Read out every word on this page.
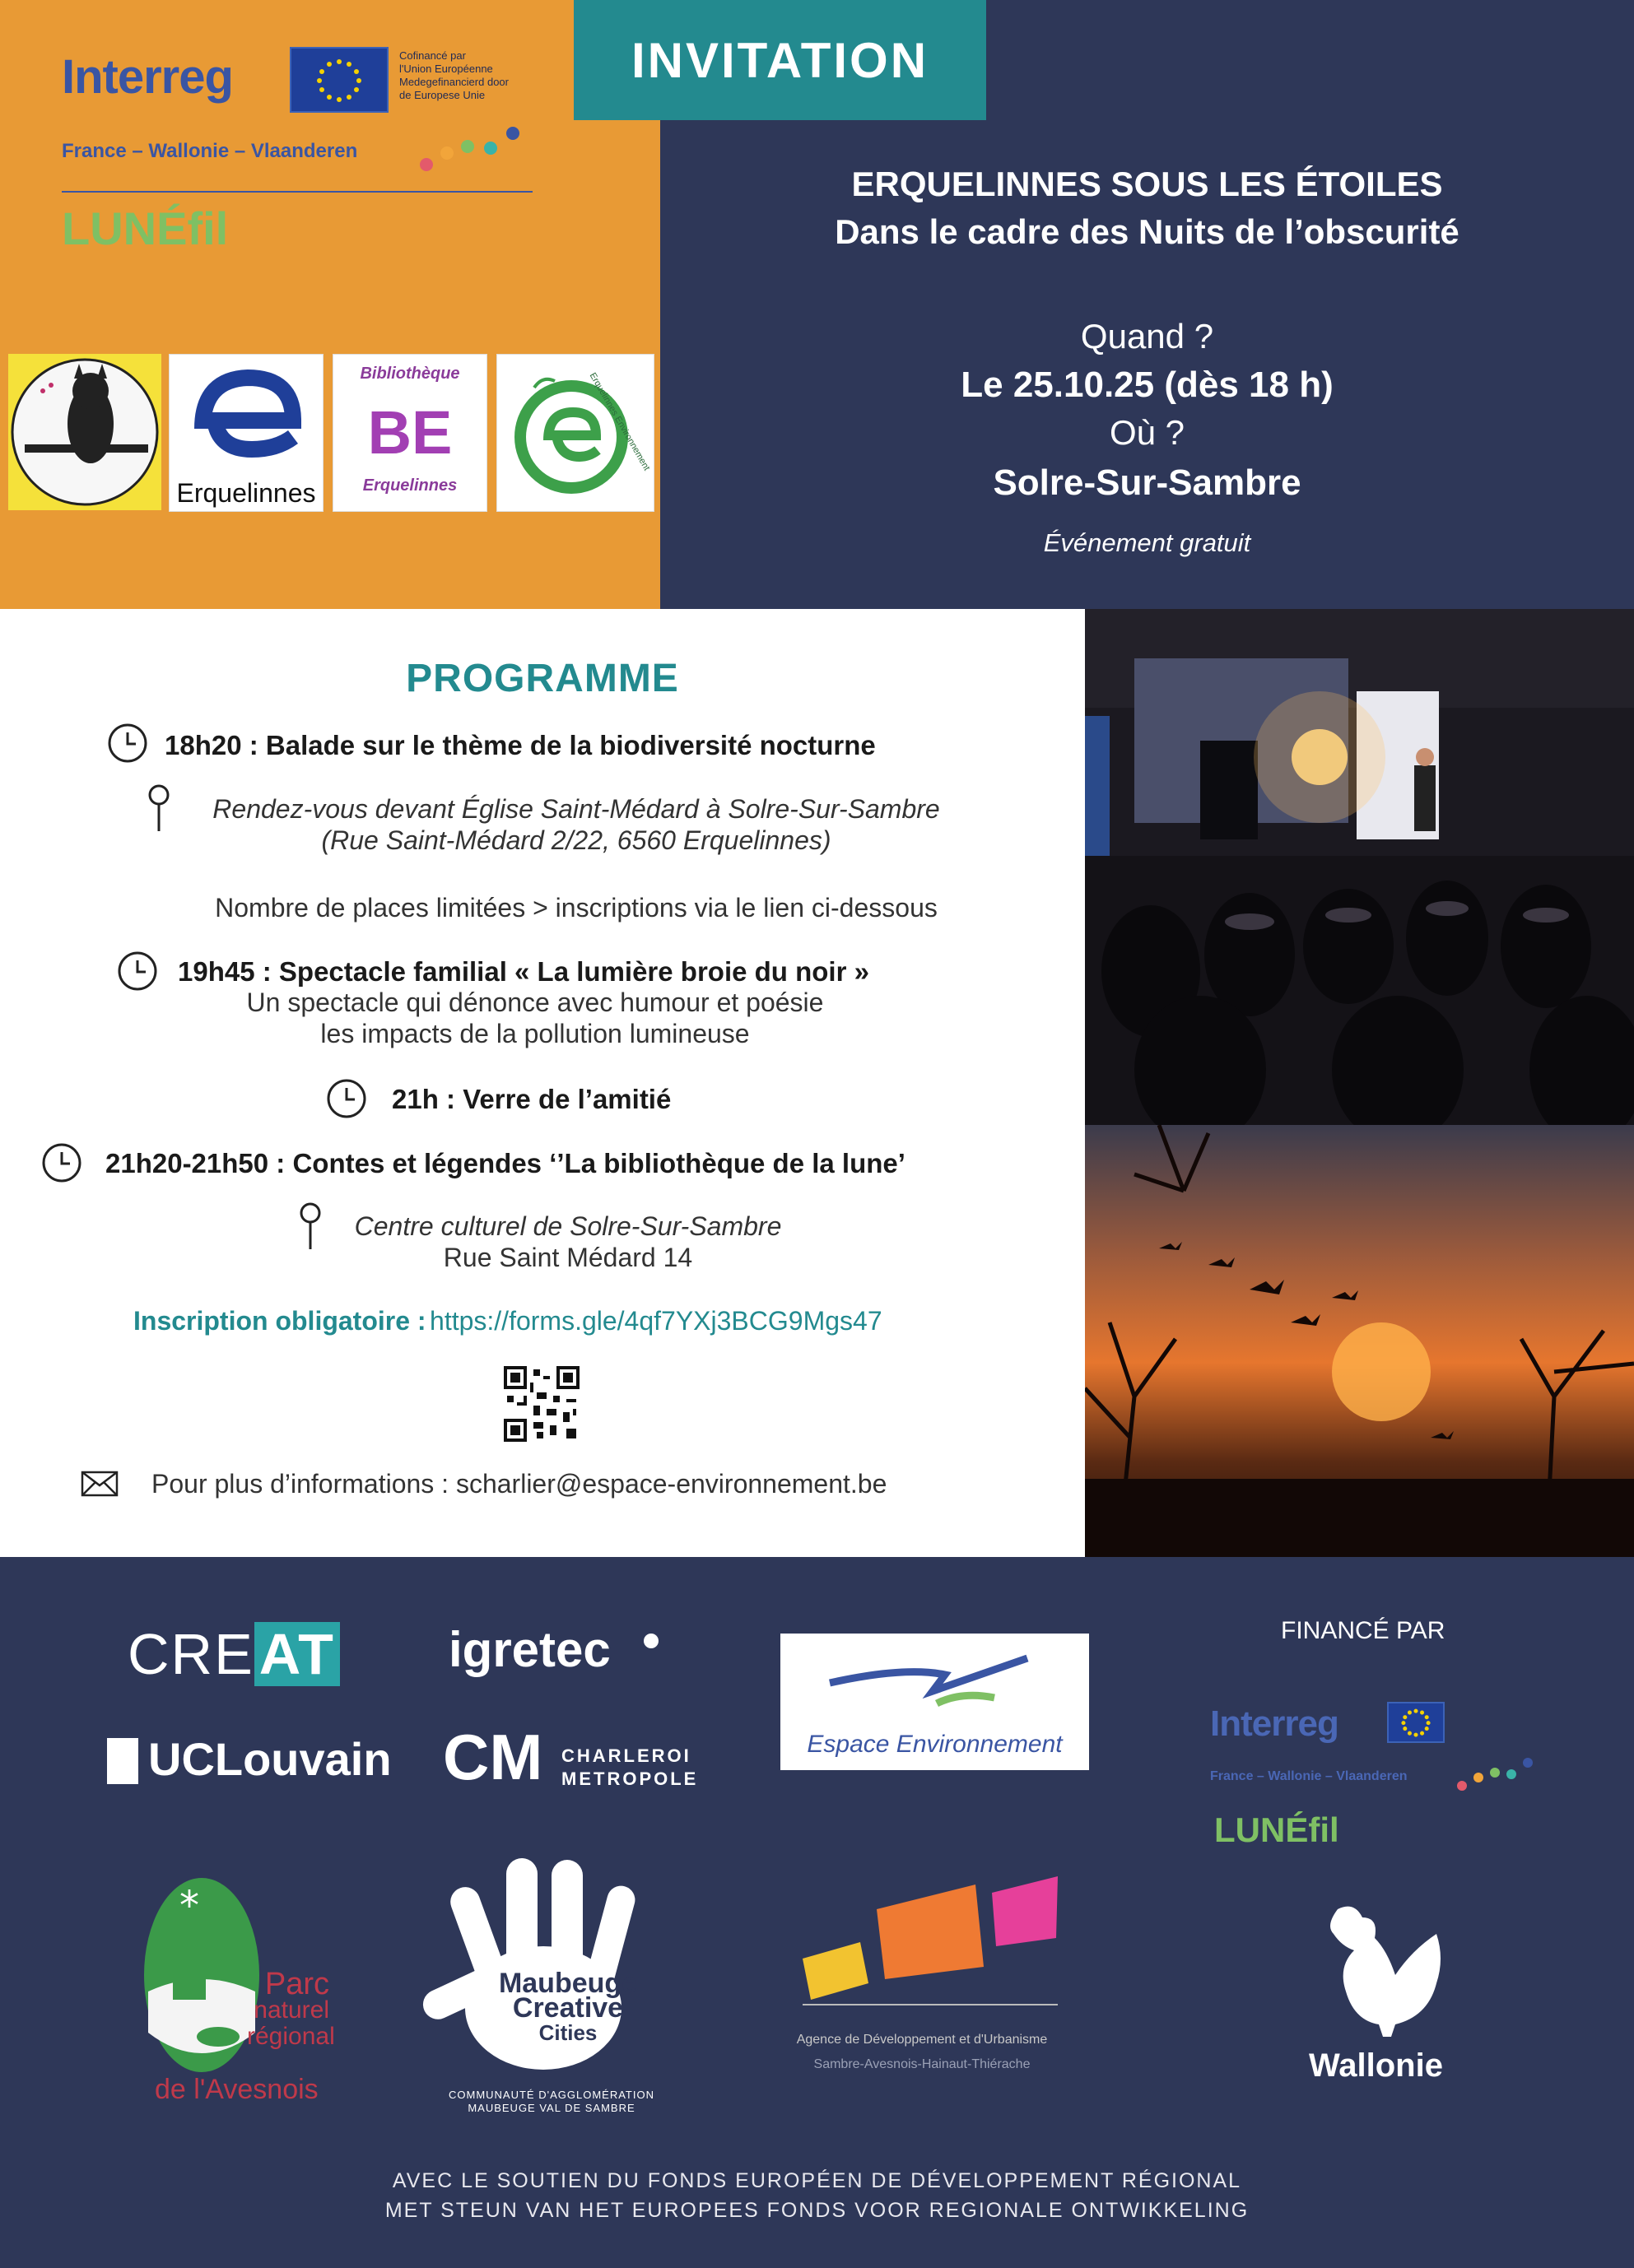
INVITATION
Interreg	Cofinancé par
l'Union Européenne
Medegefinancierd door
de Europese Unie
France – Wallonie – Vlaanderen
LUNÉfil
Erquelinnes
Bibliothèque
BE
Erquelinnes
Erquelinnes Environnement
ERQUELINNES SOUS LES ÉTOILES
Dans le cadre des Nuits de l’obscurité
Quand ?
Le 25.10.25 (dès 18 h)
Où ?
Solre-Sur-Sambre
Événement gratuit
PROGRAMME
18h20 : Balade sur le thème de la biodiversité nocturne
Rendez-vous devant Église Saint-Médard à Solre-Sur-Sambre
(Rue Saint-Médard 2/22, 6560 Erquelinnes)
Nombre de places limitées > inscriptions via le lien ci-dessous
19h45 : Spectacle familial « La lumière broie du noir »
Un spectacle qui dénonce avec humour et poésie
les impacts de la pollution lumineuse
21h : Verre de l’amitié
21h20-21h50 : Contes et légendes ‘’La bibliothèque de la lune’
Centre culturel de Solre-Sur-Sambre
Rue Saint Médard 14
Inscription obligatoire : https://forms.gle/4qf7YXj3BCG9Mgs47
Pour plus d’informations : scharlier@espace-environnement.be
CREAT
UCLouvain
igretec
CM CHARLEROI
METROPOLE
Espace Environnement
FINANCÉ PAR
Interreg
France – Wallonie – Vlaanderen
LUNÉfil
*
Parc
naturel
régional
de l'Avesnois
Maubeuge
Creative
Cities
COMMUNAUTÉ D'AGGLOMÉRATION
MAUBEUGE VAL DE SAMBRE
Agence de Développement et d'Urbanisme
Sambre-Avesnois-Hainaut-Thiérache	Wallonie
AVEC LE SOUTIEN DU FONDS EUROPÉEN DE DÉVELOPPEMENT RÉGIONAL
MET STEUN VAN HET EUROPEES FONDS VOOR REGIONALE ONTWIKKELING
